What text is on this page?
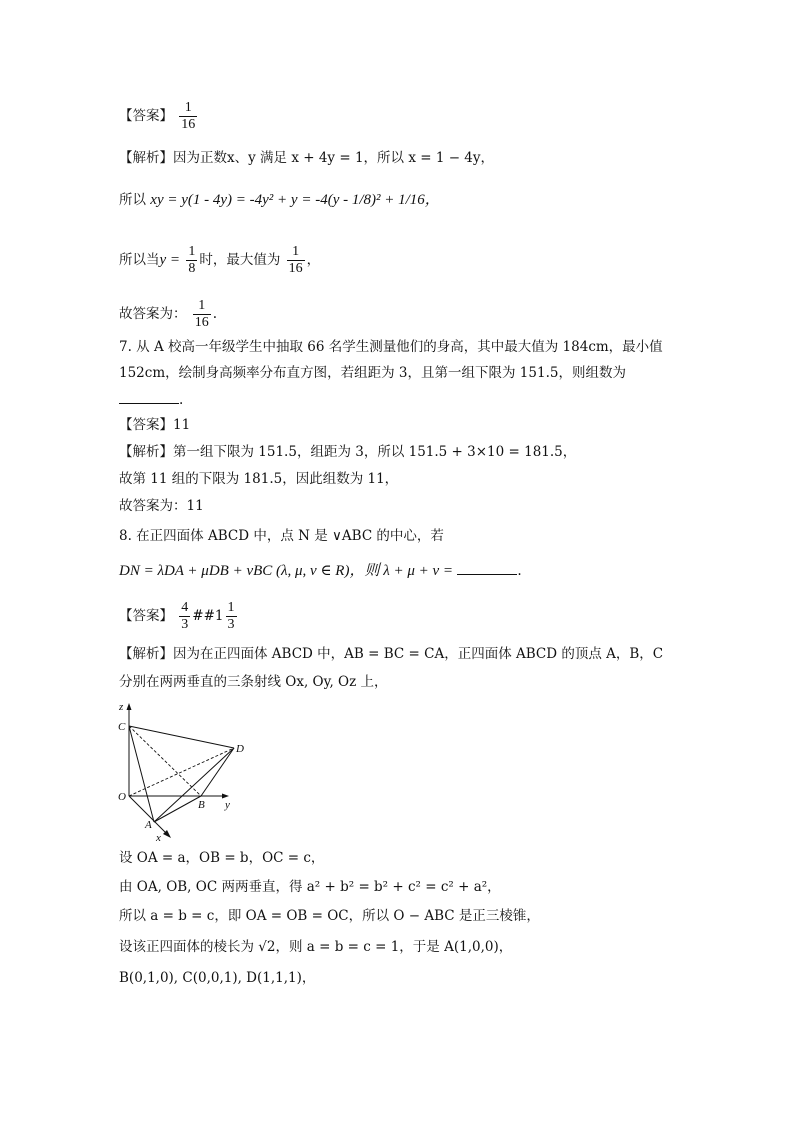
【答案】 $\frac{1}{16}$
【解析】因为正数x、y 满足 x + 4y = 1，所以 x = 1 − 4y，
所以 xy = y(1 - 4y) = -4y² + y = -4(y - 1/8)² + 1/16，
所以当$y = \frac{1}{8}$ 时，最大值为 $\frac{1}{16}$ ，
故答案为： $\frac{1}{16}$ .
7. 从 A 校高一年级学生中抽取 66 名学生测量他们的身高，其中最大值为 184cm，最小值
152cm，绘制身高频率分布直方图，若组距为 3，且第一组下限为 151.5，则组数为
.
【答案】11
【解析】第一组下限为 151.5，组距为 3，所以 151.5 + 3×10 = 181.5，
故第 11 组的下限为 181.5，因此组数为 11，
故答案为：11
8. 在正四面体 ABCD 中，点 N 是 ∨ABC 的中心，若
DN = λDA + μDB + νBC (λ, μ, ν ∈ R)，则 λ + μ + ν =	.
【答案】 $\frac{4}{3}$ ##1 $\frac{1}{3}$
【解析】因为在正四面体 ABCD 中，AB = BC = CA，正四面体 ABCD 的顶点 A，B，C
分别在两两垂直的三条射线 Ox, Oy, Oz 上，
z
C
D
O
B y
A
x
设 OA = a，OB = b，OC = c，
由 OA, OB, OC 两两垂直，得 a² + b² = b² + c² = c² + a²，
所以 a = b = c，即 OA = OB = OC，所以 O − ABC 是正三棱锥，
设该正四面体的棱长为 √2，则 a = b = c = 1，于是 A(1,0,0)，
B(0,1,0), C(0,0,1), D(1,1,1)，
